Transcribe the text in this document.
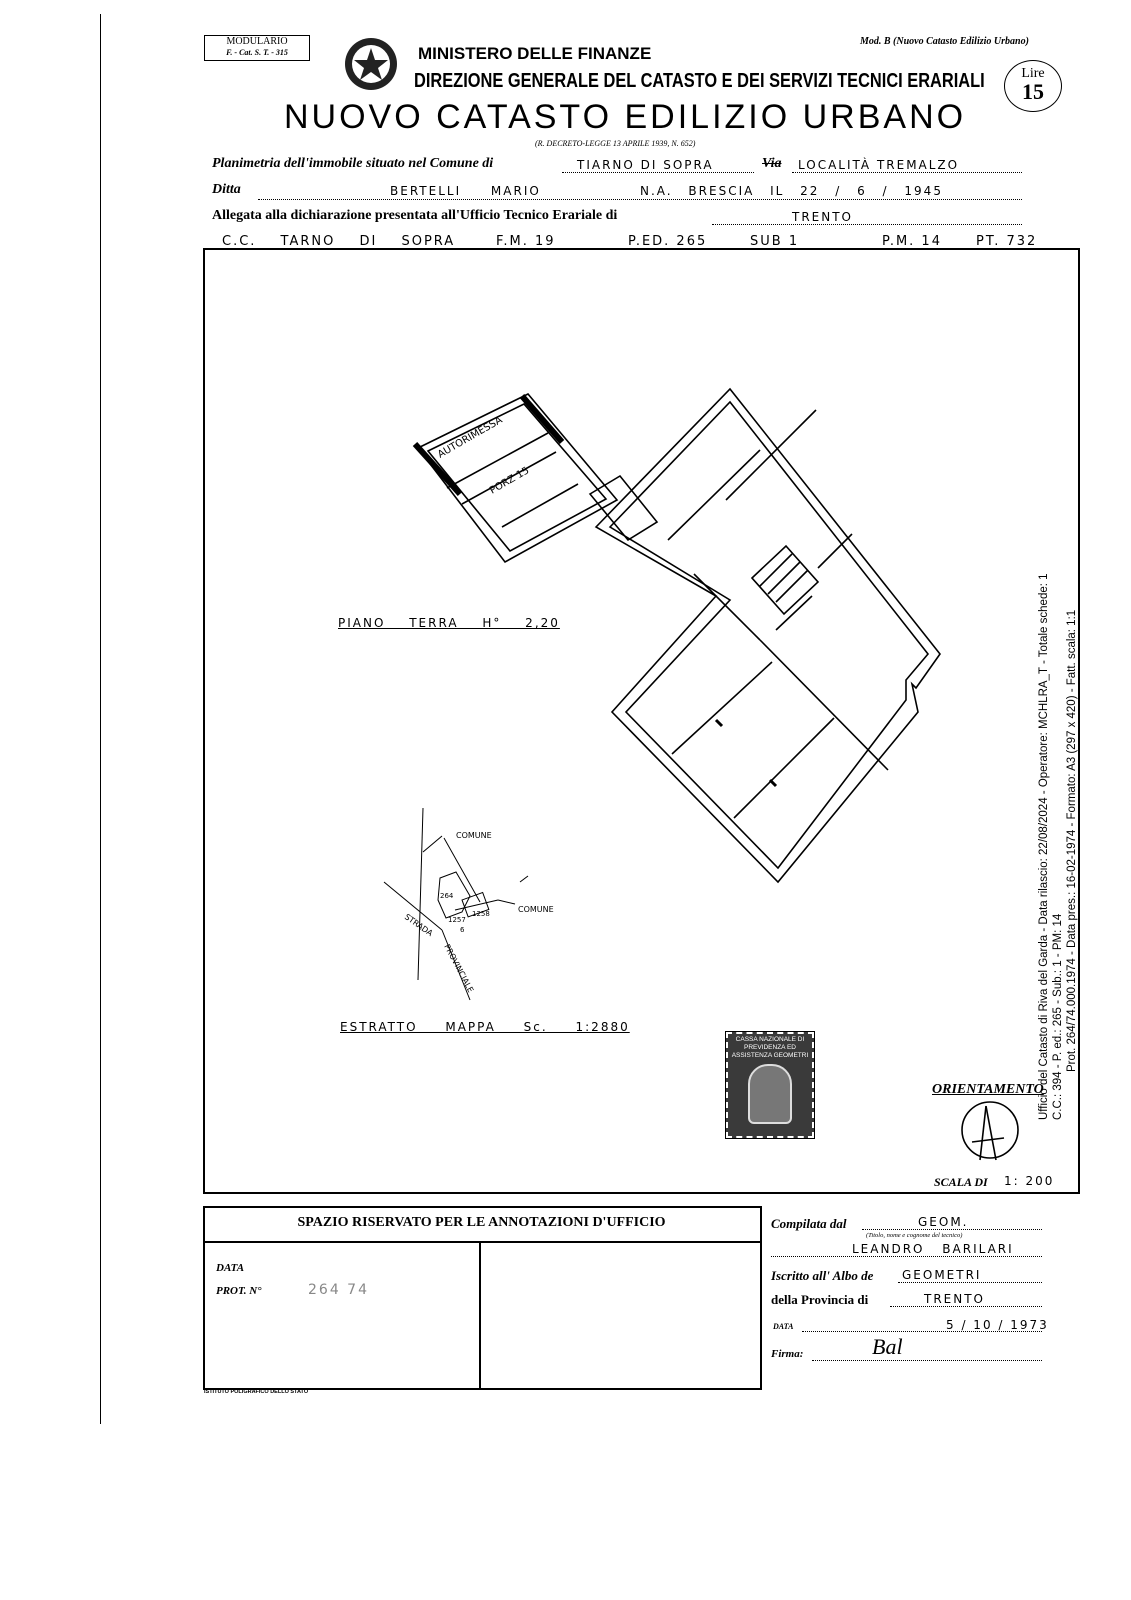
MODULARIO
F. - Cat. S. T. - 315
Mod. B (Nuovo Catasto Edilizio Urbano)
MINISTERO DELLE FINANZE
DIREZIONE GENERALE DEL CATASTO E DEI SERVIZI TECNICI ERARIALI	Lire
15
NUOVO CATASTO EDILIZIO URBANO
(R. DECRETO-LEGGE 13 APRILE 1939, N. 652)
Planimetria dell'immobile situato nel Comune di	TIARNO DI SOPRA	Via LOCALITÀ TREMALZO
Ditta	BERTELLI MARIO	N.A. BRESCIA IL 22 / 6 / 1945
Allegata alla dichiarazione presentata all'Ufficio Tecnico Erariale di	TRENTO
C.C. TARNO DI SOPRA	F.M. 19	P.ED. 265	SUB 1	P.M. 14	PT. 732
AUTORIMESSA
PORZ 15
COMUNE
COMUNE
STRADA
PROVINCIALE
264
1257
6
1258
PIANO TERRA H° 2,20
ESTRATTO MAPPA Sc. 1:2880
CASSA NAZIONALE DI PREVIDENZA ED ASSISTENZA GEOMETRI
ORIENTAMENTO
SCALA DI 1: 200
Ufficio del Catasto di Riva del Garda - Data rilascio: 22/08/2024 - Operatore: MCHLRA_T - Totale schede: 1 C.C.: 394 - P. ed.: 265 - Sub.: 1 - PM: 14 Prot. 264/74.000.1974 - Data pres.: 16-02-1974 - Formato: A3 (297 x 420) - Fatt. scala: 1:1
SPAZIO RISERVATO PER LE ANNOTAZIONI D'UFFICIO
DATA
PROT. N°	264 74
Compilata dal	GEOM.
(Titolo, nome e cognome del tecnico)
LEANDRO BARILARI
Iscritto all' Albo de GEOMETRI
della Provincia di	TRENTO
DATA	5 / 10 / 1973
Firma:	Bal
ISTITUTO POLIGRAFICO DELLO STATO
